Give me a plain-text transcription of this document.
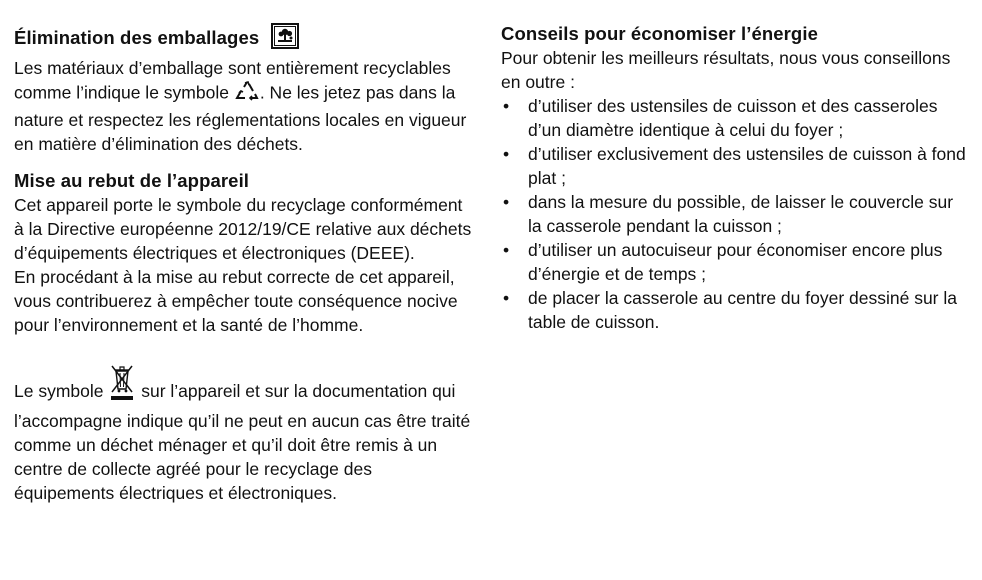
Élimination des emballages

Les matériaux d’emballage sont entièrement recyclables comme l’indique le symbole . Ne les jetez pas dans la nature et respectez les réglementations locales en vigueur en matière d’élimination des déchets.

Mise au rebut de l’appareil

Cet appareil porte le symbole du recyclage conformément à la Directive européenne 2012/19/CE relative aux déchets d’équipements électriques et électroniques (DEEE).

En procédant à la mise au rebut correcte de cet appareil, vous contribuerez à empêcher toute conséquence nocive pour l’environnement et la santé de l’homme.

Le symbole  sur l’appareil et sur la documentation qui l’accompagne indique qu’il ne peut en aucun cas être traité comme un déchet ménager et qu’il doit être remis à un centre de collecte agréé pour le recyclage des équipements électriques et électroniques.

Conseils pour économiser l’énergie

Pour obtenir les meilleurs résultats, nous vous conseillons en outre :

• d’utiliser des ustensiles de cuisson et des casseroles d’un diamètre identique à celui du foyer ;
• d’utiliser exclusivement des ustensiles de cuisson à fond plat ;
• dans la mesure du possible, de laisser le couvercle sur la casserole pendant la cuisson ;
• d’utiliser un autocuiseur pour économiser encore plus d’énergie et de temps ;
• de placer la casserole au centre du foyer dessiné sur la table de cuisson.
